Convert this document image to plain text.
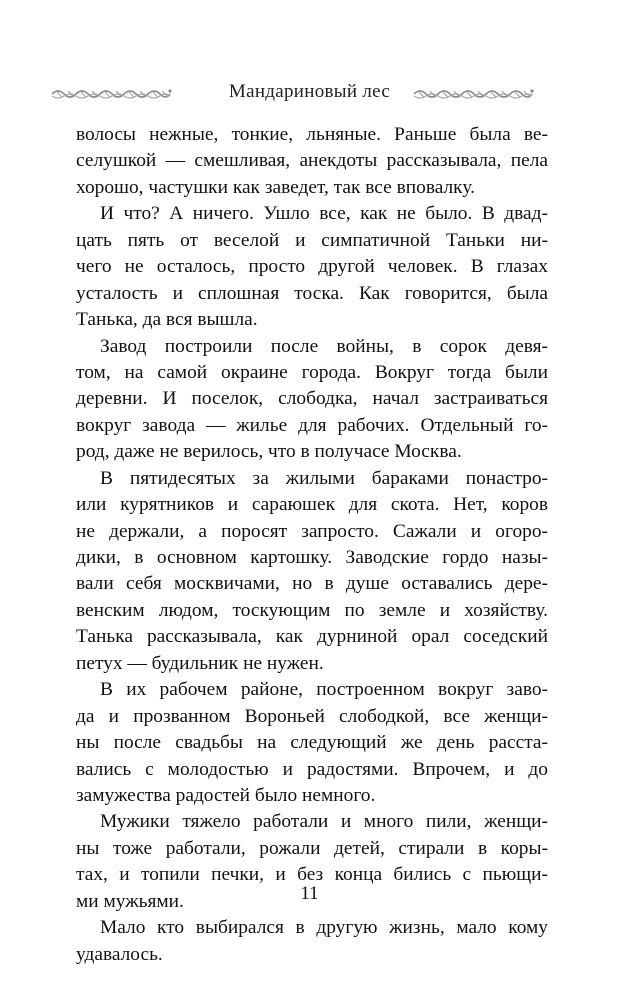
Мандариновый лес
волосы нежные, тонкие, льняные. Раньше была ве-
селушкой — смешливая, анекдоты рассказывала, пела
хорошо, частушки как заведет, так все вповалку.
И что? А ничего. Ушло все, как не было. В двад-
цать пять от веселой и симпатичной Таньки ни-
чего не осталось, просто другой человек. В глазах
усталость и сплошная тоска. Как говорится, была
Танька, да вся вышла.
Завод построили после войны, в сорок девя-
том, на самой окраине города. Вокруг тогда были
деревни. И поселок, слободка, начал застраиваться
вокруг завода — жилье для рабочих. Отдельный го-
род, даже не верилось, что в получасе Москва.
В пятидесятых за жилыми бараками понастро-
или курятников и сараюшек для скота. Нет, коров
не держали, а поросят запросто. Сажали и огоро-
дики, в основном картошку. Заводские гордо назы-
вали себя москвичами, но в душе оставались дере-
венским людом, тоскующим по земле и хозяйству.
Танька рассказывала, как дурниной орал соседский
петух — будильник не нужен.
В их рабочем районе, построенном вокруг заво-
да и прозванном Вороньей слободкой, все женщи-
ны после свадьбы на следующий же день расста-
вались с молодостью и радостями. Впрочем, и до
замужества радостей было немного.
Мужики тяжело работали и много пили, женщи-
ны тоже работали, рожали детей, стирали в коры-
тах, и топили печки, и без конца бились с пьющи-
ми мужьями.
Мало кто выбирался в другую жизнь, мало кому
удавалось.
11
